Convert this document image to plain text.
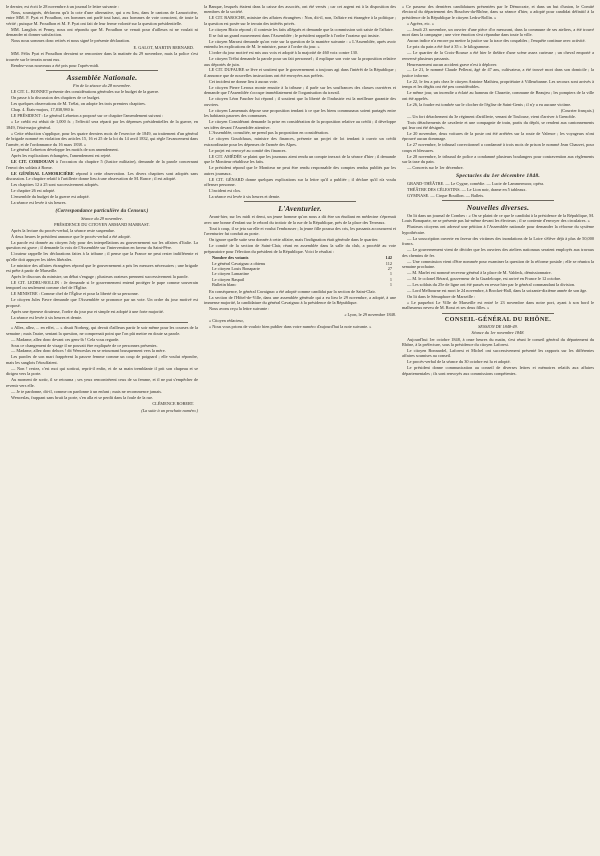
le dernier, est écrit le 28 novembre à un journal le lettre suivante :

Nous, soussignés, déclarons qu'à la cote d'une alternative, qui a eu lieu, dans le cantons de Lamoricière, entre MM. F. Pyat et Proudhon, ces hommes ont parlé tout haut, aux hommes de vote conscient, de toute la vérité ; puisque M. Proudhon et M. F. Pyat ont fait de leur ferme volonté sur la question présidentielle.

MM. Langlois et Penny, nous ont répondu que M. Proudhon se venait pour d'ailleurs ni ne voulait ni demander ni donner satisfaction.

Nous nous sommes donc retirés et nous signé le présente déclaration.

E. GALOT, MARTIN BERNARD.

MM. Félix Pyat et Proudhon devaient se rencontrer dans la matinée du 29 novembre, mais la police s'est trouvée sur le terrain avant eux.

Rendez-vous nouveaux a été pris pour l'après-midi.

Assemblée Nationale.
Fin de la séance du 28 novembre.

LE CIT. L. BONNET présente des considérations générales sur le budget de la guerre.

On passe à la discussion des chapitres de ce budget.

Les quelques observations de M. Trélat, on adopte les trois premiers chapitres.

Chap. 4. États-majors, 17,838,980 fr.

LE PRÉSIDENT : Le général Lebreton a proposé sur ce chapitre l'amendement suivant :

« Le crédit est réduit de 1,000 fr. ; l'effectif sera réparti par les dépenses présidentielles de la guerre, en 1849, l'état-major général.

« Cette réduction s'applique, pour les quatre derniers mois de l'exercice de 1849, au traitement d'un général de brigade nommé en violation des articles 15, 16 et 25 de la loi du 14 avril 1832, qui règle l'avancement dans l'armée, et de l'ordonnance du 16 mars 1838. »

Le général Lebreton développe les motifs de son amendement.

Après les explications échangées, l'amendement est rejeté.

LE CIT. CORDOUAN à l'occasion du chapitre 5 (Justice militaire), demande de la parole concernant l'envoi des soldats à Rome.

LE GÉNÉRAL LAMORICIÈRE répond à cette observation. Les divers chapitres sont adoptés sans discussion. Le chapitre relatif à l'artillerie donne lieu à une observation de M. Rance ; il est adopté.

Les chapitres 12 à 25 sont successivement adoptés.

Le chapitre 26 est adopté.

L'ensemble du budget de la guerre est adopté.

La séance est levée à six heures.

(Correspondance particulière du Censeur.)
Séance du 29 novembre.

PRÉSIDENCE DU CITOYEN ARMAND MARRAST.

Après la lecture du procès-verbal, la séance reste suspendue.

À deux heures le président annonce que le procès-verbal a été adopté.

La parole est donnée au citoyen Joly pour des interpellations au gouvernement sur les affaires d'Italie. La question est grave ; il demande la voix de l'Assemblée sur l'intervention en faveur du Saint-Père.

L'orateur rappelle les déclarations faites à la tribune ; il pense que la France ne peut rester indifférente et qu'elle doit appuyer les idées libérales.

Le ministre des affaires étrangères répond que le gouvernement a pris les mesures nécessaires ; une brigade est prête à partir de Marseille.

Après le discours du ministre, un débat s'engage ; plusieurs orateurs prennent successivement la parole.

LE CIT. LEDRU-ROLLIN : Je demande si le gouvernement entend protéger le pape comme souverain temporel ou seulement comme chef de l'Église.

LE MINISTRE : Comme chef de l'Église et pour la liberté de sa personne.

Le citoyen Jules Favre demande que l'Assemblée se prononce par un vote. Un ordre du jour motivé est proposé.

Après une épreuve douteuse, l'ordre du jour pur et simple est adopté à une forte majorité.

La séance est levée à six heures et demie.

« Allez, allez, ... en effet, ... » disait Norberg, qui devait d'ailleurs partir le soir même pour les courses de la semaine ; mais l'autre, sentant la question, ne comprenait point que l'on pût mettre en doute sa parole.

— Madame, allez donc devant ces gens-là ! Cela vous regarde.

Sous ce changement de visage il ne pouvait être expliquée de ce personnes présentes.

— Madame, allez donc dehors ! dit Wenceslas en se retournant brusquement vers la mère.

Les paroles de son mari frappèrent la pauvre femme comme un coup de poignard ; elle voulut répondre, mais les sanglots l'étouffaient.

— Non ! restez, c'est moi qui sortirai, reprit-il enfin, et de sa main tremblante il prit son chapeau et se dirigea vers la porte.

Au moment de sortir, il se retourna ; ses yeux rencontrèrent ceux de sa femme, et il ne put s'empêcher de revenir vers elle.

— Je te pardonne, dit-il, comme on pardonne à un enfant ; mais ne recommence jamais.

Wenceslas, frappant sans bruit la porte, s'en alla et se perdit dans la foule de la rue.

CLÉMENCE ROBERT.
(La suite à un prochain numéro.)

la Banque, lesquels étaient dans la caisse des associés, ont été versés ; car cet argent est à la disposition des membres de la société.

LE CIT. BAROCHE, ministre des affaires étrangères : Non, dit-il, non, l'affaire est étrangère à la politique ; la question est posée sur le terrain des intérêts privés.

Le citoyen Bixio répond ; il conteste les faits allégués et demande que la commission soit saisie de l'affaire.

Il se fait un grand mouvement dans l'Assemblée ; le président rappelle à l'ordre l'orateur qui insiste.

Le citoyen Marrast demande qu'on vote sur la question de la manière suivante : « L'Assemblée, après avoir entendu les explications de M. le ministre, passe à l'ordre du jour. »

L'ordre du jour motivé est mis aux voix et adopté à la majorité de 460 voix contre 130.

Le citoyen Trélat demande la parole pour un fait personnel ; il explique son vote sur la proposition relative aux déportés de juin.

LE CIT. DUFAURE se lève et soutient que le gouvernement a toujours agi dans l'intérêt de la République ; il annonce que de nouvelles instructions ont été envoyées aux préfets.

Cet incident ne donne lieu à aucun vote.

Le citoyen Pierre Leroux monte ensuite à la tribune ; il parle sur les souffrances des classes ouvrières et demande que l'Assemblée s'occupe immédiatement de l'organisation du travail.

Le citoyen Léon Faucher lui répond ; il soutient que la liberté de l'industrie est la meilleure garantie des ouvriers.

Le citoyen Lamennais dépose une proposition tendant à ce que les biens communaux soient partagés entre les habitants pauvres des communes.

Le citoyen Considérant demande la prise en considération de la proposition relative au crédit ; il développe ses idées devant l'Assemblée attentive.

L'Assemblée, consultée, ne prend pas la proposition en considération.

Le citoyen Goudchaux, ministre des finances, présente un projet de loi tendant à ouvrir un crédit extraordinaire pour les dépenses de l'armée des Alpes.

Le projet est renvoyé au comité des finances.

LE CIT. AMÉDÉE se plaint que les journaux aient rendu un compte inexact de la séance d'hier ; il demande que le Moniteur rétablisse les faits.

Le président répond que le Moniteur ne peut être rendu responsable des comptes rendus publiés par les autres journaux.

LE CIT. GÉNARD donne quelques explications sur la lettre qu'il a publiée ; il déclare qu'il n'a voulu offenser personne.

L'incident est clos.

La séance est levée à six heures et demie.

L'Aventurier.

Avant-hier, sur les midi et demi, un jeune homme qu'on nous a dit être un étudiant en médecine s'éprenait avec une bonne d'enfant sur le rebord du trottoir de la rue de la République, près de la place des Terreaux.

Tout à coup, il se jeta sur elle et voulut l'embrasser ; la jeune fille poussa des cris, les passants accoururent et l'aventurier fut conduit au poste.

On ignore quelle suite sera donnée à cette affaire, mais l'indignation était générale dans le quartier.

Le comité de la section de Saint-Clair, réuni en assemblée dans la salle du club, a procédé au vote préparatoire pour l'élection du président de la République. Voici le résultat :

Nombre des votants	142
Le général Cavaignac a obtenu	112
Le citoyen Louis Bonaparte	27
Le citoyen Lamartine	1
Le citoyen Raspail	1
Bulletin blanc	1

En conséquence, le général Cavaignac a été adopté comme candidat par la section de Saint-Clair.

La section de l'Hôtel-de-Ville, dans une assemblée générale qui a eu lieu le 29 novembre, a adopté, à une immense majorité, la candidature du général Cavaignac à la présidence de la République.

Nous avons reçu la lettre suivante :

« Lyon, le 29 novembre 1848.

« Citoyen rédacteur,

« Nous vous prions de vouloir bien publier dans votre numéro d'aujourd'hui la note suivante. »

« Ce passeur des dernières candidatures présentées par le Démocrate, et dans un but d'union, le Comité électoral du département des Bouches-du-Rhône, dans sa séance d'hier, a adopté pour candidat définitif à la présidence de la République le citoyen Ledru-Rollin. »

« Agréez, etc. »

— Jeudi 23 novembre, un ouvrier d'une pièce d'or mesurant, dans la commune de ses ateliers, a été trouvé mort dans la campagne ; une vive émotion s'est répandue dans toute la ville.

Aucun indice n'a encore pu mettre la justice sur la trace des coupables ; l'enquête continue avec activité.

Le prix du pain a été fixé à 35 c. le kilogramme.

— Le quartier de la Croix-Rousse a été hier le théâtre d'une scène assez curieuse ; un cheval emporté a renversé plusieurs passants.

Heureusement aucun accident grave n'est à déplorer.

— Le 21, le nommé Claude Pellerat, âgé de 47 ans, cultivateur, a été trouvé mort dans son domicile ; la justice informe.

Le 22, le feu a pris chez le citoyen Antoine Mathieu, propriétaire à Villeurbanne. Les secours sont arrivés à temps et les dégâts ont été peu considérables.

Le même jour, un incendie a éclaté au hameau de Chazette, commune de Beaujeu ; les pompiers de la ville ont été appelés.

Le 26, la foudre est tombée sur le clocher de l'église de Saint-Genis ; il n'y a eu aucune victime.

(Courrier français.)

— Un fort détachement du 3e régiment d'artillerie, venant de Toulouse, vient d'arriver à Grenoble.

Trois détachements de cavalerie et une compagnie de train, partis du dépôt, se rendent aux cantonnements qui leur ont été désignés.

Le 20 novembre, deux voitures de la poste ont été arrêtées sur la route de Valence ; les voyageurs n'ont éprouvé aucun dommage.

Le 27 novembre, le tribunal correctionnel a condamné à trois mois de prison le nommé Jean Chauvet, pour coups et blessures.

Le 28 novembre, le tribunal de police a condamné plusieurs boulangers pour contravention aux règlements sur la taxe du pain.

— Concerts sur le 1er décembre.

Spectacles du 1er décembre 1848.

GRAND-THÉÂTRE. — Le Cygne, comédie. — Lucie de Lammermoor, opéra.

THÉÂTRE DES CÉLESTINS. — Le Lion noir, drame en 5 tableaux.

GYMNASE. — Cirque Bouillon. — Ballets.

Nouvelles diverses.

On lit dans un journal de Combes : « On se plaint de ce que le candidat à la présidence de la République, M. Louis Bonaparte, ne se présente pas lui-même devant les électeurs ; il se contente d'envoyer des circulaires. »

Plusieurs citoyens ont adressé une pétition à l'Assemblée nationale pour demander la réforme du système hypothécaire.

— La souscription ouverte en faveur des victimes des inondations de la Loire s'élève déjà à plus de 50,000 francs.

— Le gouvernement vient de décider que les ouvriers des ateliers nationaux seraient employés aux travaux des chemins de fer.

— Une commission vient d'être nommée pour examiner la question de la réforme postale ; elle se réunira la semaine prochaine.

— M. Marlet est nommé receveur général à la place de M. Valdeck, démissionnaire.

— M. le colonel Bérard, gouverneur de la Guadeloupe, est arrivé en France le 12 octobre.

— Les soldats du 25e de ligne ont été passés en revue hier par le général commandant la division.

— Lord Melbourne est mort le 24 novembre, à Brocket-Hall, dans la soixante-dixième année de son âge.

On lit dans le Sémaphore de Marseille :

« Le paquebot Le Ville de Marseille est entré le 23 novembre dans notre port, ayant à son bord le malheureux neveu de M. Rossi et ses deux filles. »

CONSEIL-GÉNÉRAL DU RHÔNE.
SESSION DE 1848-49.
Séance du 1er novembre 1848.

Aujourd'hui 1er octobre 1848, à onze heures du matin, s'est réuni le conseil général du département du Rhône, à la préfecture, sous la présidence du citoyen Laforest.

Le citoyen Bonnardel, Laforest et Michel ont successivement présenté les rapports sur les différentes affaires soumises au conseil.

Le procès-verbal de la séance du 30 octobre est lu et adopté.

Le président donne communication au conseil de diverses lettres et mémoires relatifs aux affaires départementales ; ils sont renvoyés aux commissions compétentes.
